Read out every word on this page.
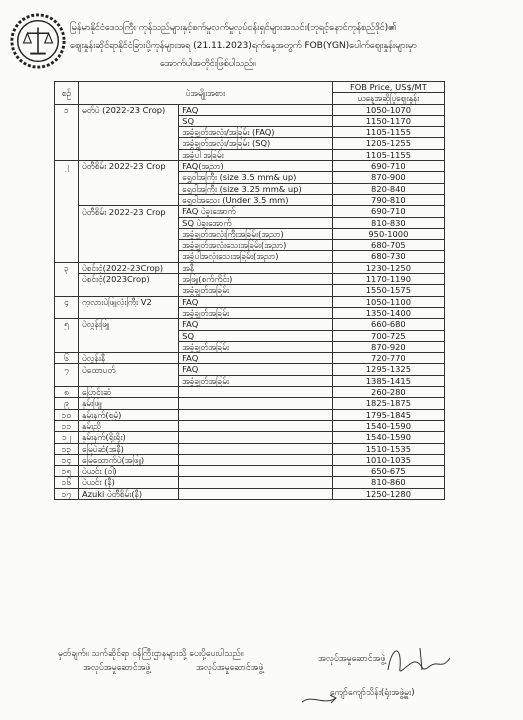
မြန်မာနိုင်ငံဒေသကြီး ကုန်သည်များနှင့်စက်မှုလက်မှုလုပ်ငန်းရှင်များအသင်း(ဘုရင့်နောင်ကုန်စည်ဒိုင်)၏
ဈေးနှုန်းဆိုင်ရာနိုင်ငံခြားပို့ကုန်များအရ (21.11.2023)ရက်နေ့အတွက် FOB(YGN)ပေါက်ဈေးနှုန်းများမှာ
အောက်ပါအတိုင်းဖြစ်ပါသည်။
စဉ်	ပဲအမျိုးအစား		FOB Price, US$/MT
			ယနေ့အဆိုပြုဈေးနှုန်း
၁	မတ်ပဲ (2022-23 Crop)	FAQ	1050-1070
		SQ	1150-1170
		အခွံချွတ်အလုံး/အခြမ်း (FAQ)	1105-1155
		အခွံချွတ်အလုံး/အခြမ်း (SQ)	1205-1255
		အခွံပါ အခြမ်း	1105-1155
၂	ပဲတီစိမ်း 2022-23 Crop	FAQ(အညာ)	690-710
		ရွှေဝါအကြီး (size 3.5 mm& up)	870-900
		ရွှေဝါအကြီး (size 3.25 mm& up)	820-840
		ရွှေဝါအသေး (Under 3.5 mm)	790-810
	ပဲတီစိမ်း 2022-23 Crop	FAQ ပဲခူးအောက်	690-710
		SQ ပဲခူးအောက်	810-830
		အခွံချွတ်အလုံးကြီးအခြမ်း(အညာ)	950-1000
		အခွံချွတ်အလုံးသေးအခြမ်း(အညာ)	680-705
		အခွံပါအလုံးသေးအခြမ်း(အညာ)	680-730
၃	ပဲစင်းငုံ(2022-23Crop)	အနီ	1230-1250
	ပဲစင်းငုံ(2023Crop)	အဖြူ(စက်ကိုင်း)	1170-1190
		အခွံချွတ်အခြမ်း	1550-1575
၄	ကုလားပဲဖြူလုံးကြီး V2	FAQ	1050-1100
		အခွံချွတ်အခြမ်း	1350-1400
၅	ပဲလွန်းဖြူ	FAQ	660-680
		SQ	700-725
		အခွံချွတ်အခြမ်း	870-920
၆	ပဲလွန်းနီ	FAQ	720-770
၇	ပဲထောပတ်	FAQ	1295-1325
		အခွံချွတ်အခြမ်း	1385-1415
၈	ပြောင်းဆံ		260-280
၉	နှမ်းဖြူ		1825-1875
၁၀	နှမ်းနက်(စမုံ)		1795-1845
၁၁	နှမ်းညို		1540-1590
၁၂	နှမ်းနက်(ရိုးရိုး)		1540-1590
၁၃	မြေပဲဆံ(အနီ)		1510-1535
၁၄	မြေထောက်ပဲ(အဖြူ)		1010-1035
၁၅	ပဲယင်း (ဝါ)		650-675
၁၆	ပဲယင်း (နီ)		810-860
၁၇	Azuki ပဲတီစိမ်း(နီ)		1250-1280
မှတ်ချက်။ သက်ဆိုင်ရာ ဝန်ကြီးဌာနများသို့ ပေးပို့ပေးပါသည်။
အလုပ်အမှုဆောင်အဖွဲ့	အလုပ်အမှုဆောင်အဖွဲ့
အလုပ်အမှုဆောင်အဖွဲ့
ကျော်ကျော်သိန်း(ရုံးအဖွဲ့မှူး)
